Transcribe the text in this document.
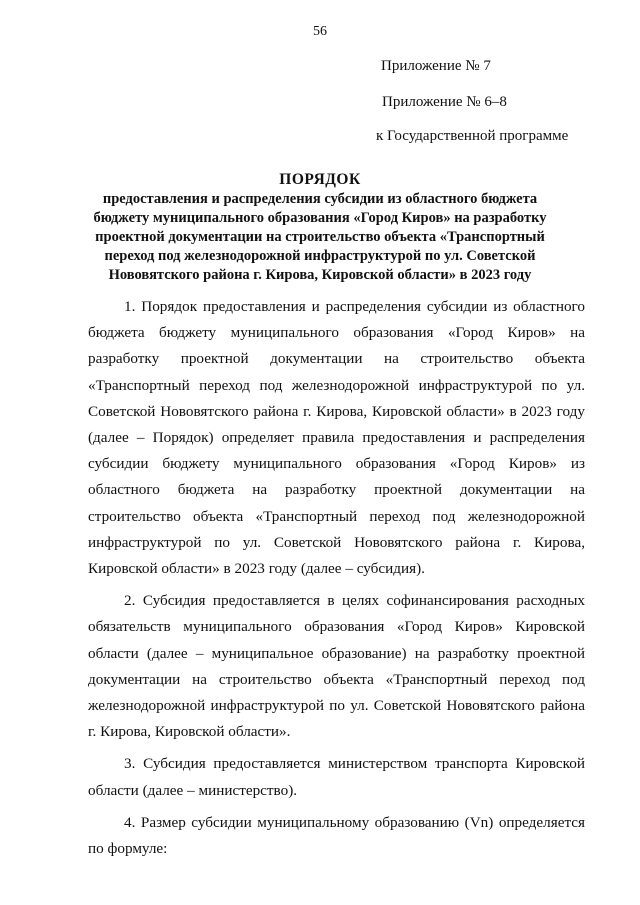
56
Приложение № 7
Приложение № 6–8
к Государственной программе
ПОРЯДОК
предоставления и распределения субсидии из областного бюджета
бюджету муниципального образования «Город Киров» на разработку
проектной документации на строительство объекта «Транспортный
переход под железнодорожной инфраструктурой по ул. Советской
Нововятского района г. Кирова, Кировской области» в 2023 году

1. Порядок предоставления и распределения субсидии из областного бюджета бюджету муниципального образования «Город Киров» на разработку проектной документации на строительство объекта «Транспортный переход под железнодорожной инфраструктурой по ул. Советской Нововятского района г. Кирова, Кировской области» в 2023 году (далее – Порядок) определяет правила предоставления и распределения субсидии бюджету муниципального образования «Город Киров» из областного бюджета на разработку проектной документации на строительство объекта «Транспортный переход под железнодорожной инфраструктурой по ул. Советской Нововятского района г. Кирова, Кировской области» в 2023 году (далее – субсидия).

2. Субсидия предоставляется в целях софинансирования расходных обязательств муниципального образования «Город Киров» Кировской области (далее – муниципальное образование) на разработку проектной документации на строительство объекта «Транспортный переход под железнодорожной инфраструктурой по ул. Советской Нововятского района г. Кирова, Кировской области».

3. Субсидия предоставляется министерством транспорта Кировской области (далее – министерство).

4. Размер субсидии муниципальному образованию (Vn) определяется по формуле:
